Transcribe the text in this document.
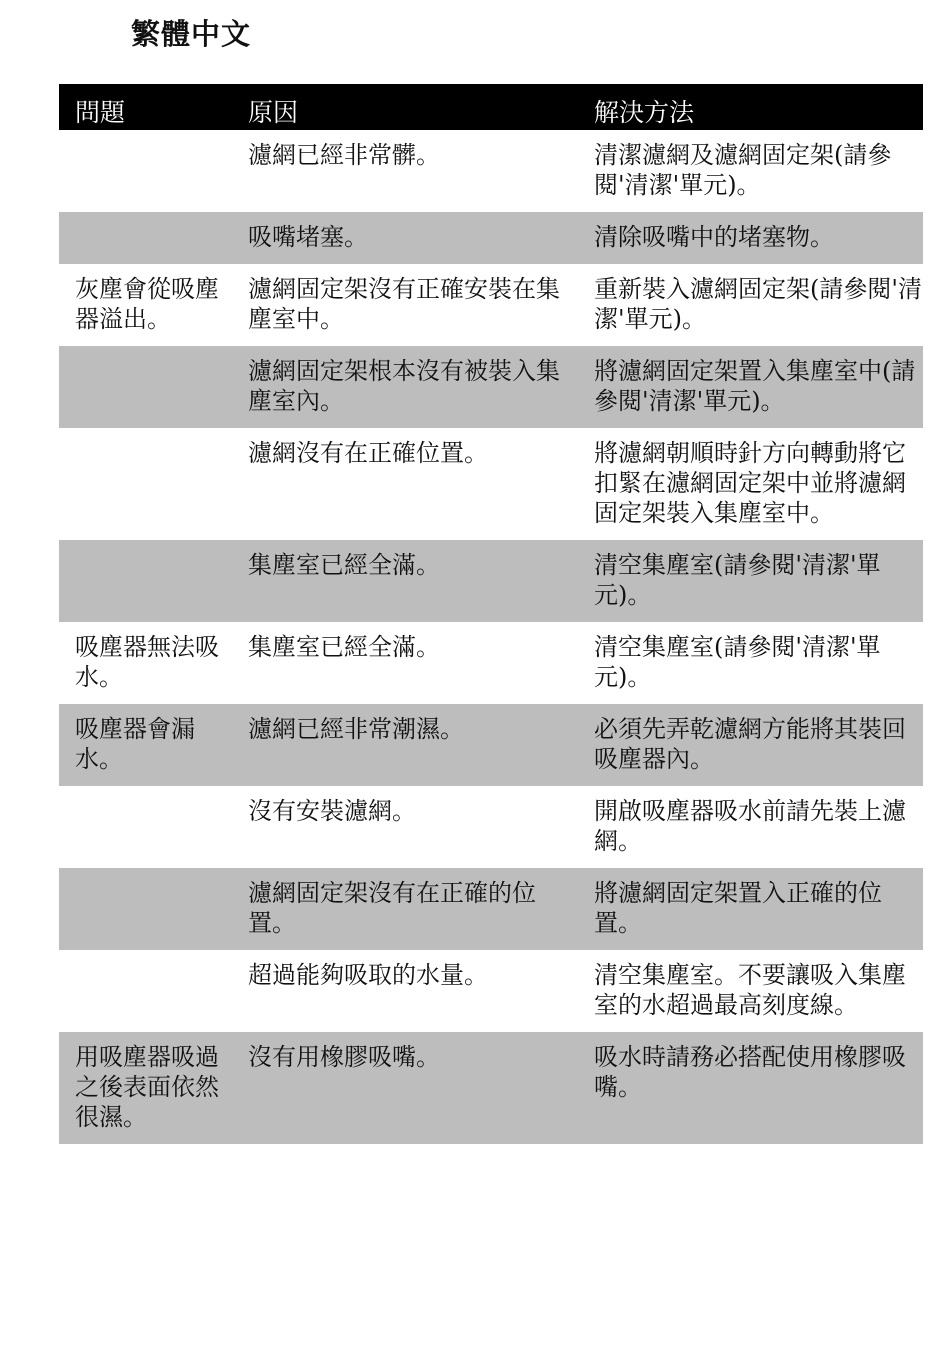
繁體中文
問題	原因	解決方法

	濾網已經非常髒。	清潔濾網及濾網固定架(請參閱'清潔'單元)。

	吸嘴堵塞。	清除吸嘴中的堵塞物。

灰塵會從吸塵器溢出。	濾網固定架沒有正確安裝在集塵室中。	重新裝入濾網固定架(請參閱'清潔'單元)。

	濾網固定架根本沒有被裝入集塵室內。	將濾網固定架置入集塵室中(請參閱'清潔'單元)。

	濾網沒有在正確位置。	將濾網朝順時針方向轉動將它扣緊在濾網固定架中並將濾網固定架裝入集塵室中。

	集塵室已經全滿。	清空集塵室(請參閱'清潔'單元)。

吸塵器無法吸水。	集塵室已經全滿。	清空集塵室(請參閱'清潔'單元)。

吸塵器會漏水。	濾網已經非常潮濕。	必須先弄乾濾網方能將其裝回吸塵器內。

	沒有安裝濾網。	開啟吸塵器吸水前請先裝上濾網。

	濾網固定架沒有在正確的位置。	將濾網固定架置入正確的位置。

	超過能夠吸取的水量。	清空集塵室。不要讓吸入集塵室的水超過最高刻度線。

用吸塵器吸過之後表面依然很濕。	沒有用橡膠吸嘴。	吸水時請務必搭配使用橡膠吸嘴。
